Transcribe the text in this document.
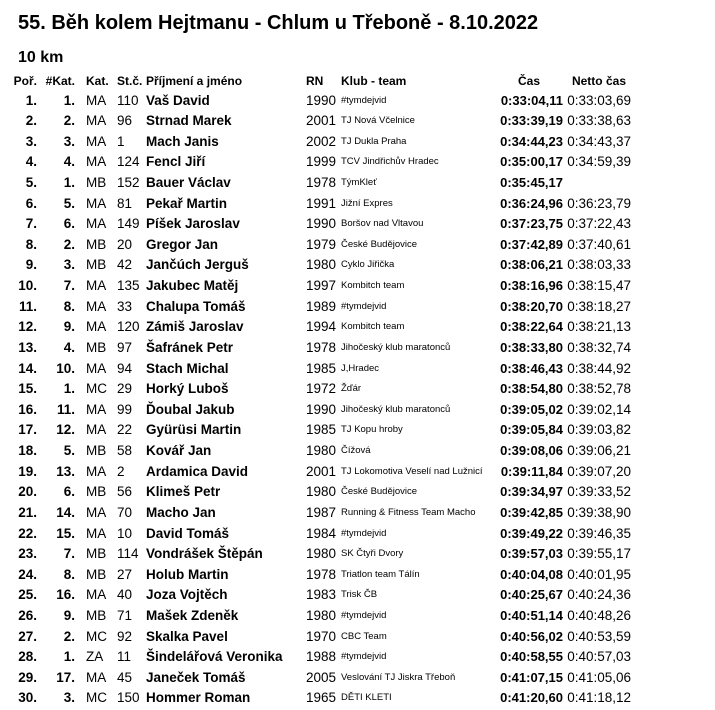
55. Běh kolem Hejtmanu - Chlum u Třeboně - 8.10.2022
10 km
Poř. #Kat. Kat. St.č. Příjmení a jméno	RN Klub - team	Čas	Netto čas
1. 1. MA 110 Vaš David	1990 #tymdejvid	0:33:04,11 0:33:03,69
2. 2. MA 96 Strnad Marek	2001 TJ Nová Včelnice	0:33:39,19 0:33:38,63
3. 3. MA 1 Mach Janis	2002 TJ Dukla Praha	0:34:44,23 0:34:43,37
4. 4. MA 124 Fencl Jiří	1999 TCV Jindřichův Hradec	0:35:00,17 0:34:59,39
5. 1. MB 152 Bauer Václav	1978 TýmKleť	0:35:45,17
6. 5. MA 81 Pekař Martin	1991 Jižní Expres	0:36:24,96 0:36:23,79
7. 6. MA 149 Píšek Jaroslav	1990 Boršov nad Vltavou	0:37:23,75 0:37:22,43
8. 2. MB 20 Gregor Jan	1979 České Budějovice	0:37:42,89 0:37:40,61
9. 3. MB 42 Jančúch Jerguš	1980 Cyklo Jiřička	0:38:06,21 0:38:03,33
10. 7. MA 135 Jakubec Matěj	1997 Kombitch team	0:38:16,96 0:38:15,47
11. 8. MA 33 Chalupa Tomáš	1989 #tymdejvid	0:38:20,70 0:38:18,27
12. 9. MA 120 Zámiš Jaroslav	1994 Kombitch team	0:38:22,64 0:38:21,13
13. 4. MB 97 Šafránek Petr	1978 Jihočeský klub maratonců	0:38:33,80 0:38:32,74
14. 10. MA 94 Stach Michal	1985 J,Hradec	0:38:46,43 0:38:44,92
15. 1. MC 29 Horký Luboš	1972 Žďár	0:38:54,80 0:38:52,78
16. 11. MA 99 Ďoubal Jakub	1990 Jihočeský klub maratonců	0:39:05,02 0:39:02,14
17. 12. MA 22 Gyürüsi Martin	1985 TJ Kopu hroby	0:39:05,84 0:39:03,82
18. 5. MB 58 Kovář Jan	1980 Čížová	0:39:08,06 0:39:06,21
19. 13. MA 2 Ardamica David	2001 TJ Lokomotiva Veselí nad Lužnicí 0:39:11,84 0:39:07,20
20. 6. MB 56 Klimeš Petr	1980 České Budějovice	0:39:34,97 0:39:33,52
21. 14. MA 70 Macho Jan	1987 Running & Fitness Team Macho 0:39:42,85 0:39:38,90
22. 15. MA 10 David Tomáš	1984 #tymdejvid	0:39:49,22 0:39:46,35
23. 7. MB 114 Vondrášek Štěpán	1980 SK Čtyři Dvory	0:39:57,03 0:39:55,17
24. 8. MB 27 Holub Martin	1978 Triatlon team Tálín	0:40:04,08 0:40:01,95
25. 16. MA 40 Joza Vojtěch	1983 Trisk ČB	0:40:25,67 0:40:24,36
26. 9. MB 71 Mašek Zdeněk	1980 #tymdejvid	0:40:51,14 0:40:48,26
27. 2. MC 92 Skalka Pavel	1970 CBC Team	0:40:56,02 0:40:53,59
28. 1. ZA 11 Šindelářová Veronika 1988 #tymdejvid	0:40:58,55 0:40:57,03
29. 17. MA 45 Janeček Tomáš	2005 Veslování TJ Jiskra Třeboň	0:41:07,15 0:41:05,06
30. 3. MC 150 Hommer Roman	1965 DĚTI KLETI	0:41:20,60 0:41:18,12
